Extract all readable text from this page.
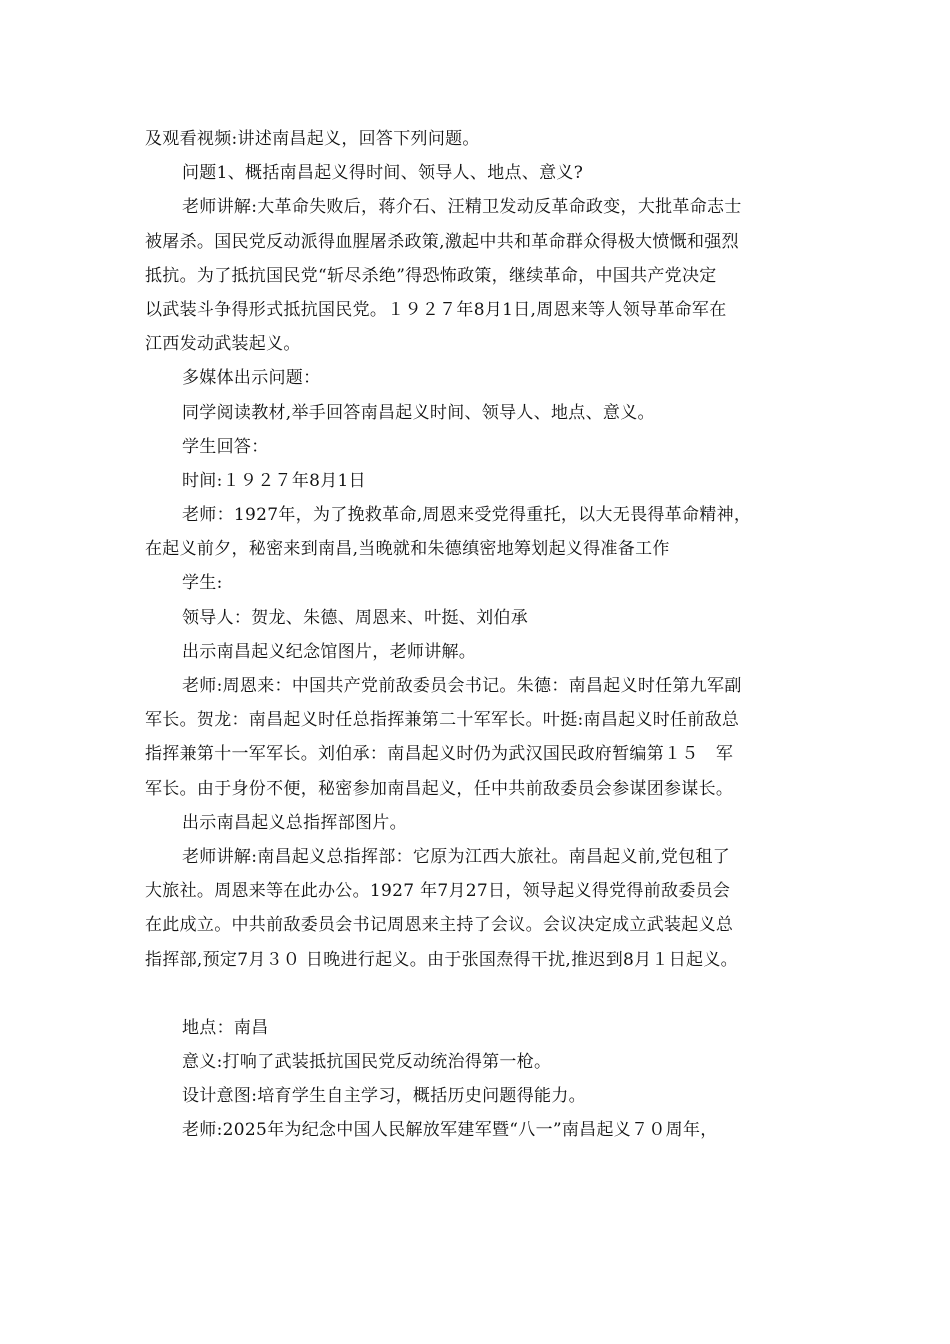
及观看视频:讲述南昌起义，回答下列问题。
问题1、概括南昌起义得时间、领导人、地点、意义?
老师讲解:大革命失败后，蒋介石、汪精卫发动反革命政变，大批革命志士
被屠杀。国民党反动派得血腥屠杀政策,激起中共和革命群众得极大愤慨和强烈
抵抗。为了抵抗国民党“斩尽杀绝”得恐怖政策，继续革命，中国共产党决定
以武装斗争得形式抵抗国民党。１９２７年8月1日,周恩来等人领导革命军在
江西发动武装起义。
多媒体出示问题：
同学阅读教材,举手回答南昌起义时间、领导人、地点、意义。
学生回答：
时间:１９２７年8月1日
老师：1927年，为了挽救革命,周恩来受党得重托，以大无畏得革命精神，
在起义前夕，秘密来到南昌,当晚就和朱德缜密地筹划起义得准备工作
学生:
领导人：贺龙、朱德、周恩来、叶挺、刘伯承
出示南昌起义纪念馆图片，老师讲解。
老师:周恩来：中国共产党前敌委员会书记。朱德：南昌起义时任第九军副
军长。贺龙：南昌起义时任总指挥兼第二十军军长。叶挺:南昌起义时任前敌总
指挥兼第十一军军长。刘伯承：南昌起义时仍为武汉国民政府暂编第１５　军
军长。由于身份不便，秘密参加南昌起义，任中共前敌委员会参谋团参谋长。
出示南昌起义总指挥部图片。
老师讲解:南昌起义总指挥部：它原为江西大旅社。南昌起义前,党包租了
大旅社。周恩来等在此办公。1927 年7月27日，领导起义得党得前敌委员会
在此成立。中共前敌委员会书记周恩来主持了会议。会议决定成立武装起义总
指挥部,预定7月３０ 日晚进行起义。由于张国焘得干扰,推迟到8月１日起义。
地点：南昌
意义:打响了武装抵抗国民党反动统治得第一枪。
设计意图:培育学生自主学习，概括历史问题得能力。
老师:2025年为纪念中国人民解放军建军暨“八一”南昌起义７０周年，
